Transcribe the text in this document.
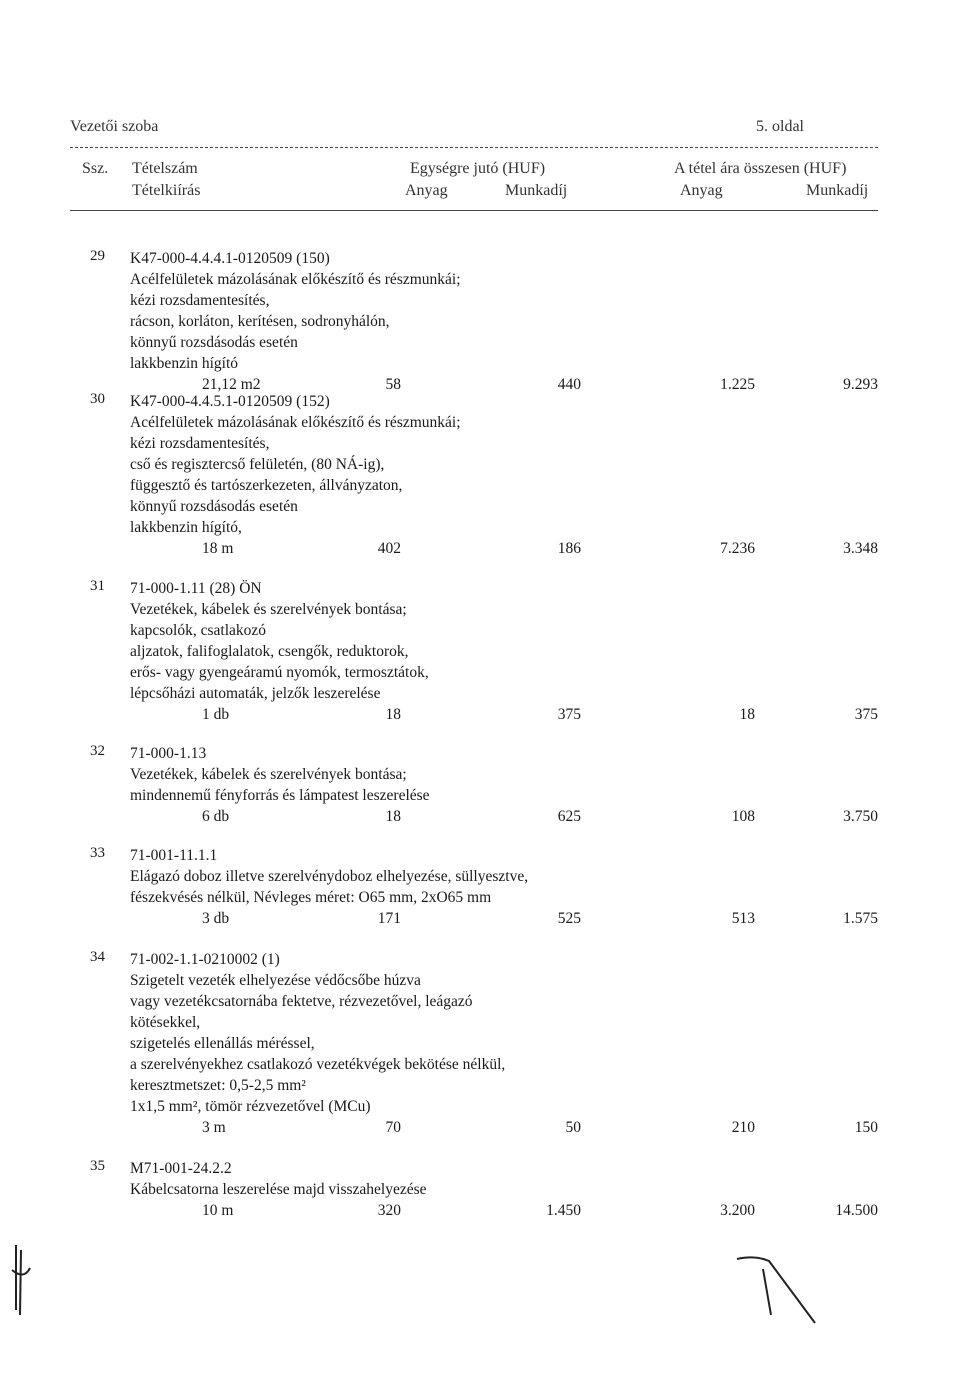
Vezetői szoba	5. oldal
Ssz. Tételszám
Tételkiírás
Egységre jutó (HUF)	A tétel ára összesen (HUF)
Anyag	Munkadíj	Anyag	Munkadíj
29	K47-000-4.4.4.1-0120509 (150)
Acélfelületek mázolásának előkészítő és részmunkái;
kézi rozsdamentesítés,
rácson, korláton, kerítésen, sodronyhálón,
könnyű rozsdásodás esetén
lakkbenzin hígító
21,12 m2	58	440	1.225	9.293
30	K47-000-4.4.5.1-0120509 (152)
Acélfelületek mázolásának előkészítő és részmunkái;
kézi rozsdamentesítés,
cső és regisztercső felületén, (80 NÁ-ig),
függesztő és tartószerkezeten, állványzaton,
könnyű rozsdásodás esetén
lakkbenzin hígító,
18 m	402	186	7.236	3.348
31	71-000-1.11 (28) ÖN
Vezetékek, kábelek és szerelvények bontása;
kapcsolók, csatlakozó
aljzatok, falifoglalatok, csengők, reduktorok,
erős- vagy gyengeáramú nyomók, termosztátok,
lépcsőházi automaták, jelzők leszerelése
1 db	18	375	18	375
32	71-000-1.13
Vezetékek, kábelek és szerelvények bontása;
mindennemű fényforrás és lámpatest leszerelése
6 db	18	625	108	3.750
33	71-001-11.1.1
Elágazó doboz illetve szerelvénydoboz elhelyezése, süllyesztve,
fészekvésés nélkül, Névleges méret: O65 mm, 2xO65 mm
3 db	171	525	513	1.575
34	71-002-1.1-0210002 (1)
Szigetelt vezeték elhelyezése védőcsőbe húzva
vagy vezetékcsatornába fektetve, rézvezetővel, leágazó
kötésekkel,
szigetelés ellenállás méréssel,
a szerelvényekhez csatlakozó vezetékvégek bekötése nélkül,
keresztmetszet: 0,5-2,5 mm²
1x1,5 mm², tömör rézvezetővel (MCu)
3 m	70	50	210	150
35	M71-001-24.2.2
Kábelcsatorna leszerelése majd visszahelyezése
10 m	320	1.450	3.200	14.500
